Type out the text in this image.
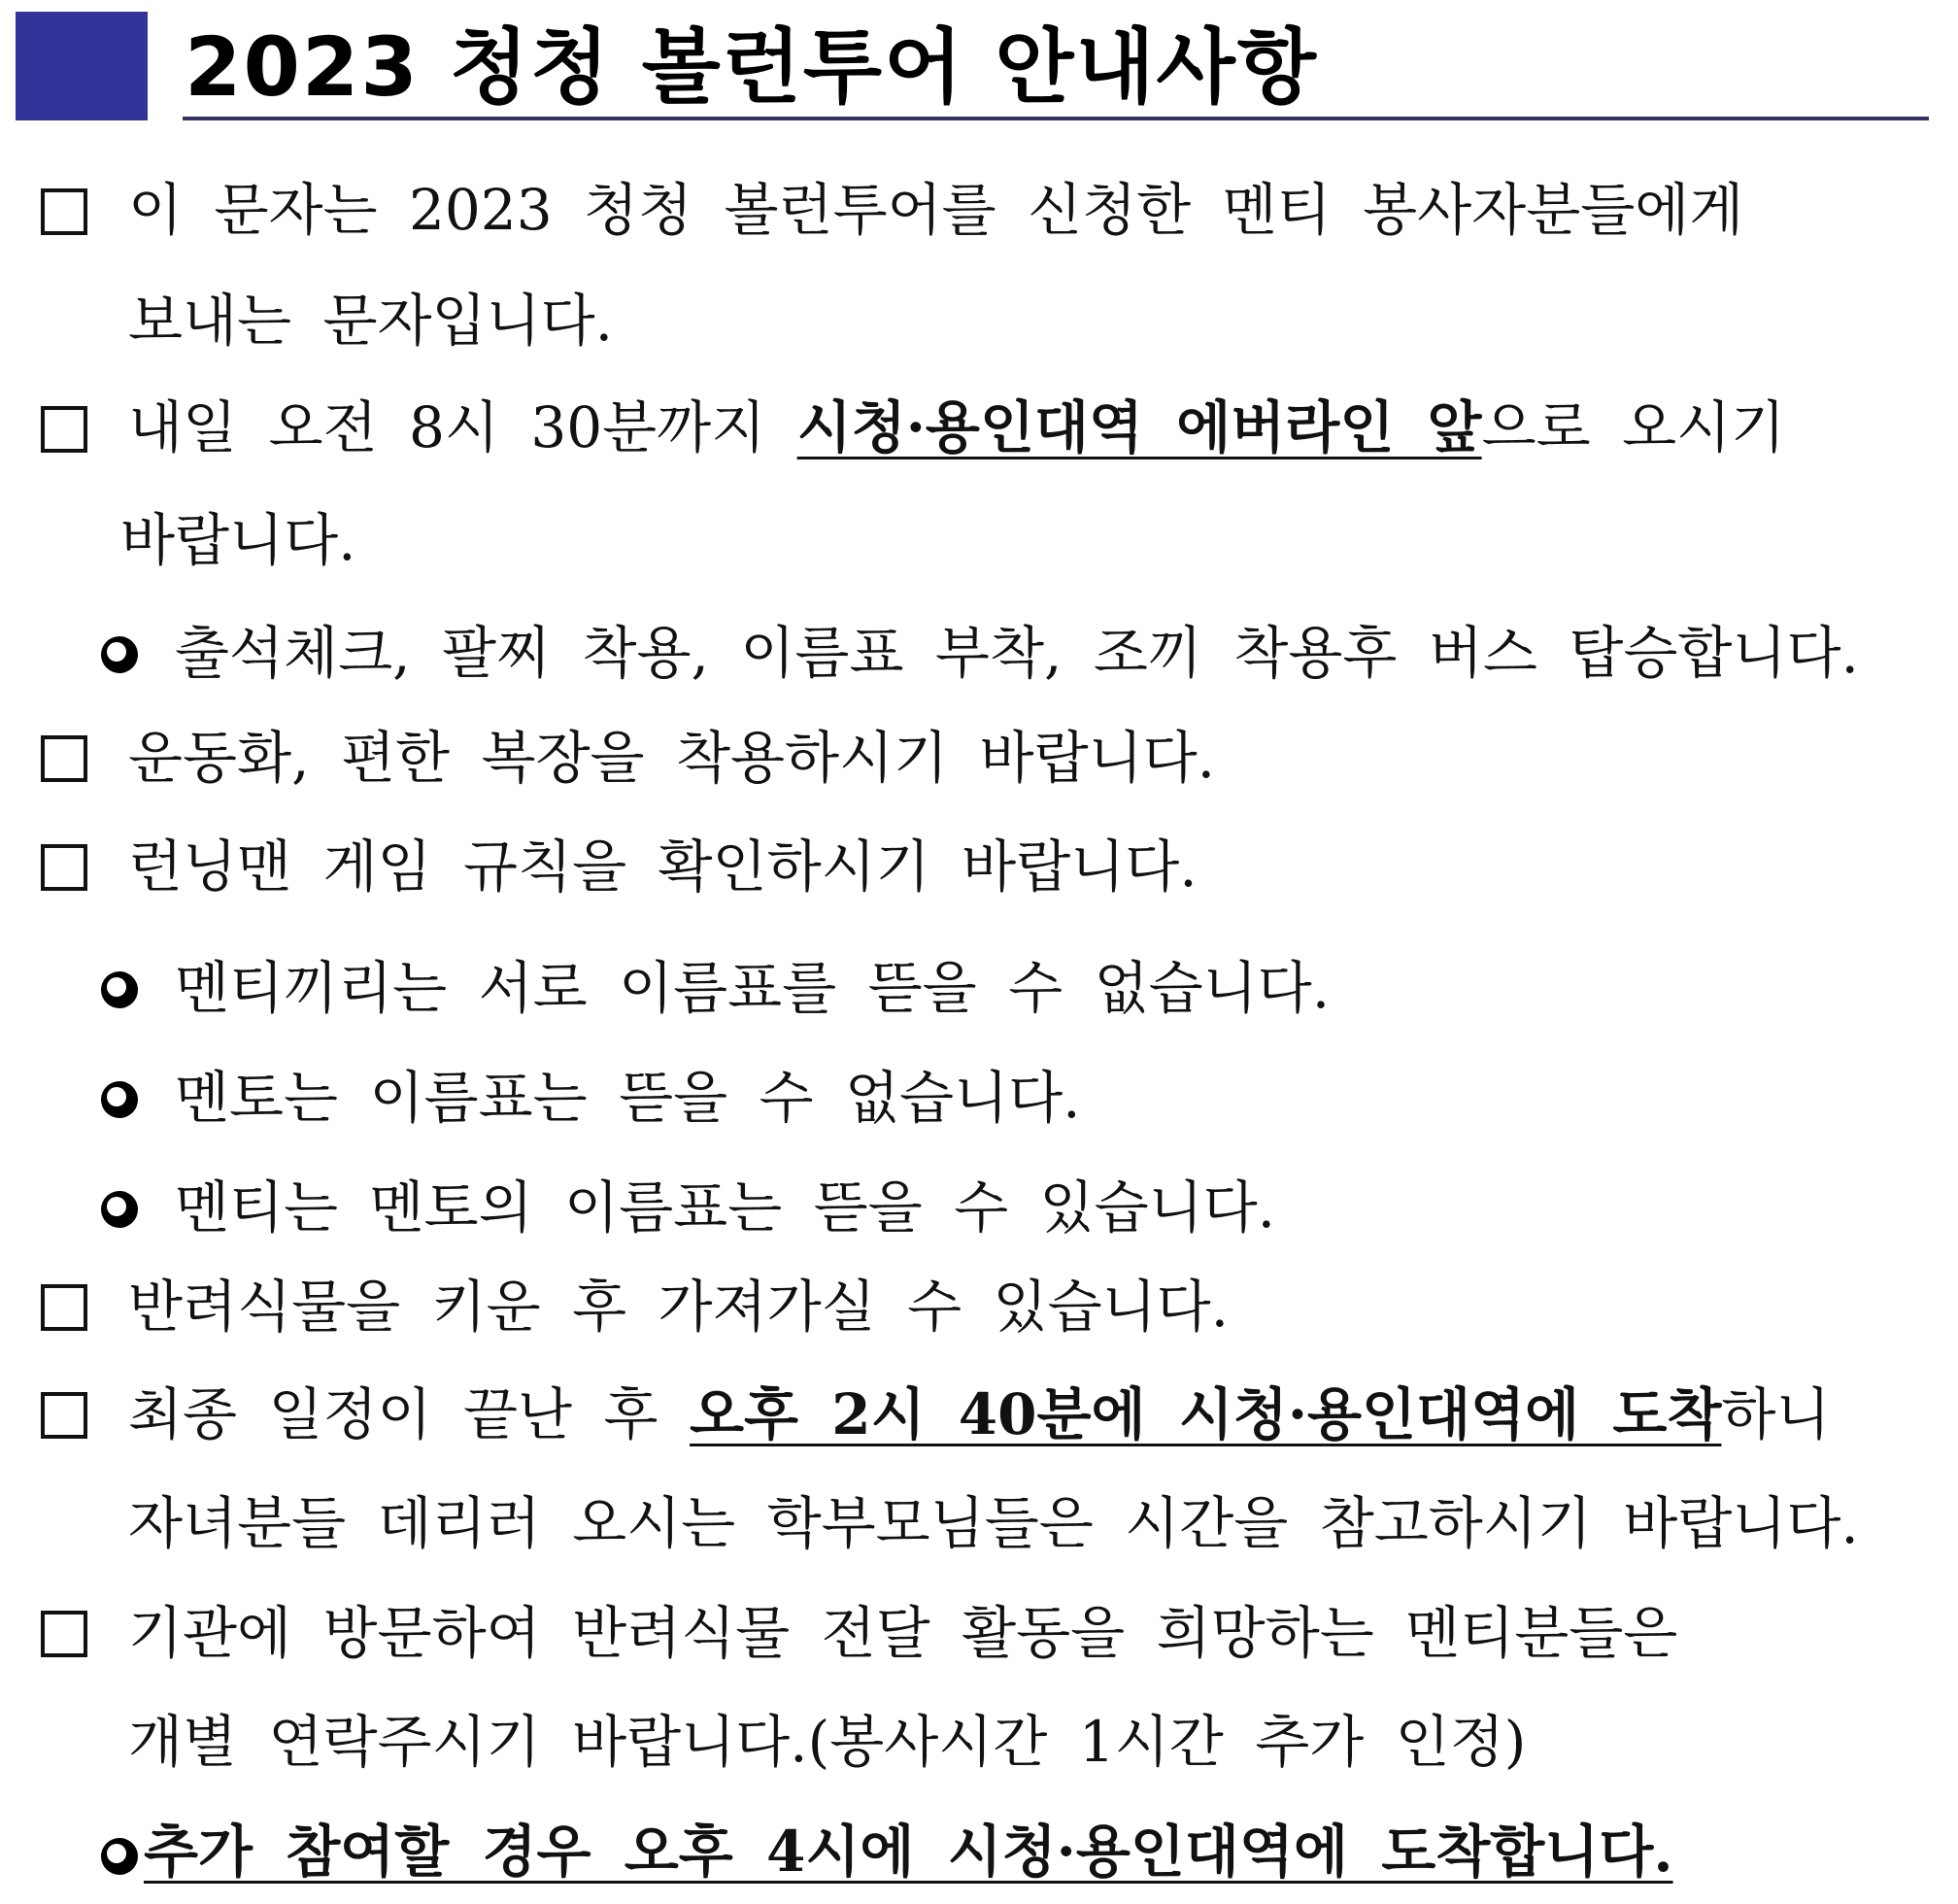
2023 청청 볼런투어 안내사항
이 문자는 2023 청청 볼런투어를 신청한 멘티 봉사자분들에게
보내는 문자입니다.
내일 오전 8시 30분까지 시청·용인대역 에버라인 앞으로 오시기
바랍니다.
출석체크, 팔찌 착용, 이름표 부착, 조끼 착용후 버스 탑승합니다.
운동화, 편한 복장을 착용하시기 바랍니다.
런닝맨 게임 규칙을 확인하시기 바랍니다.
멘티끼리는 서로 이름표를 뜯을 수 없습니다.
멘토는 이름표는 뜯을 수 없습니다.
멘티는 멘토의 이름표는 뜯을 수 있습니다.
반려식물을 키운 후 가져가실 수 있습니다.
최종 일정이 끝난 후 오후 2시 40분에 시청·용인대역에 도착하니
자녀분들 데리러 오시는 학부모님들은 시간을 참고하시기 바랍니다.
기관에 방문하여 반려식물 전달 활동을 희망하는 멘티분들은
개별 연락주시기 바랍니다.(봉사시간 1시간 추가 인정)
추가 참여할 경우 오후 4시에 시청·용인대역에 도착합니다.
